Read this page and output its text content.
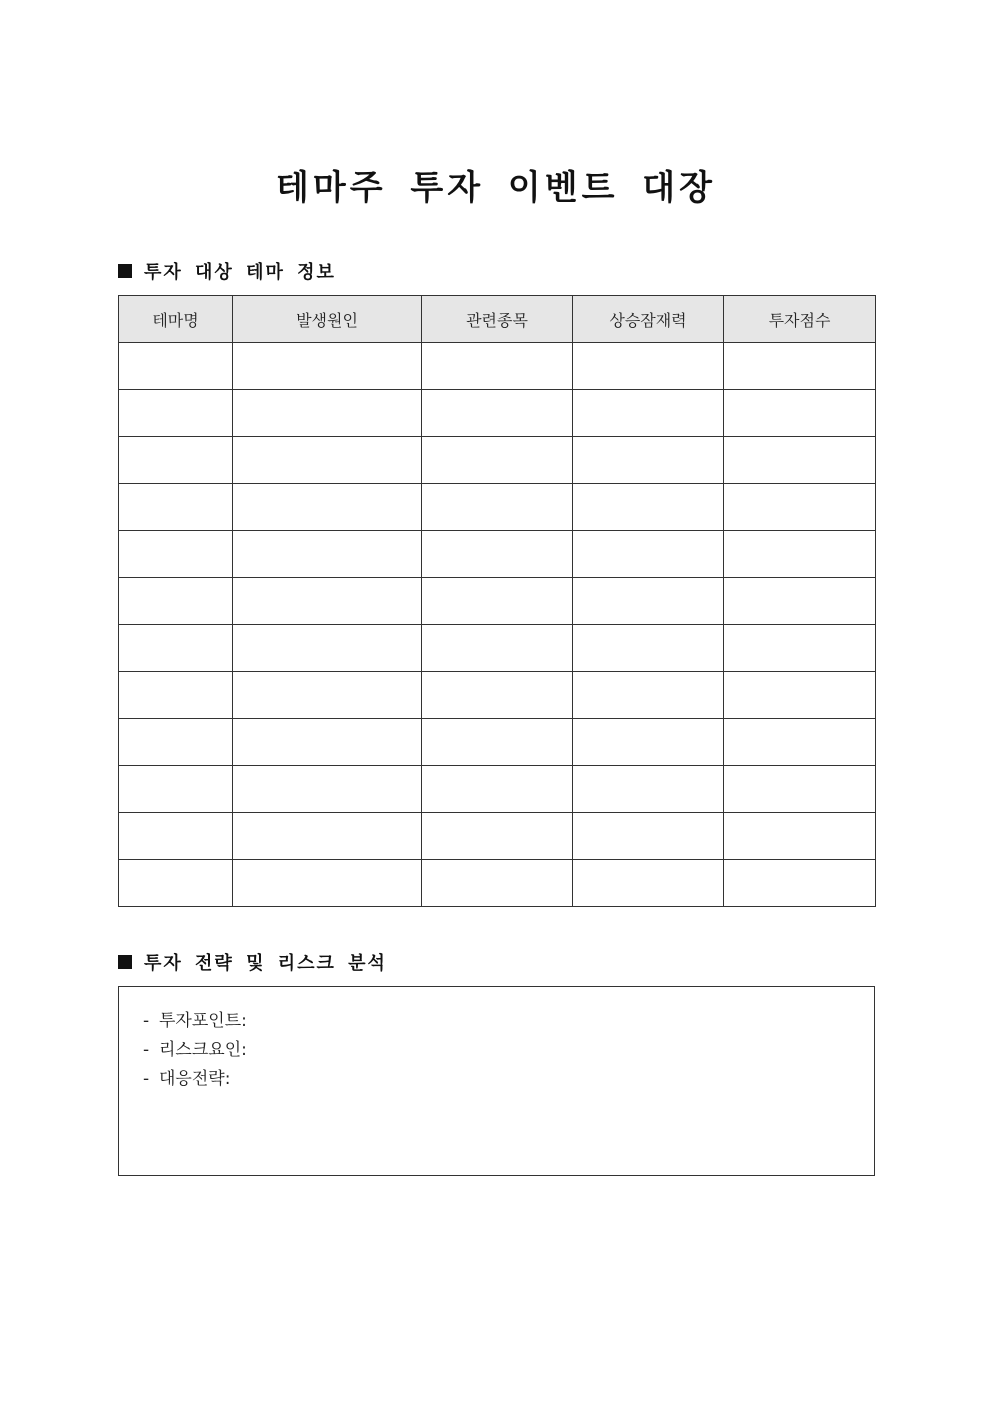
테마주 투자 이벤트 대장
투자 대상 테마 정보
테마명	발생원인	관련종목	상승잠재력	투자점수

투자 전략 및 리스크 분석
- 투자포인트:
- 리스크요인:
- 대응전략:
